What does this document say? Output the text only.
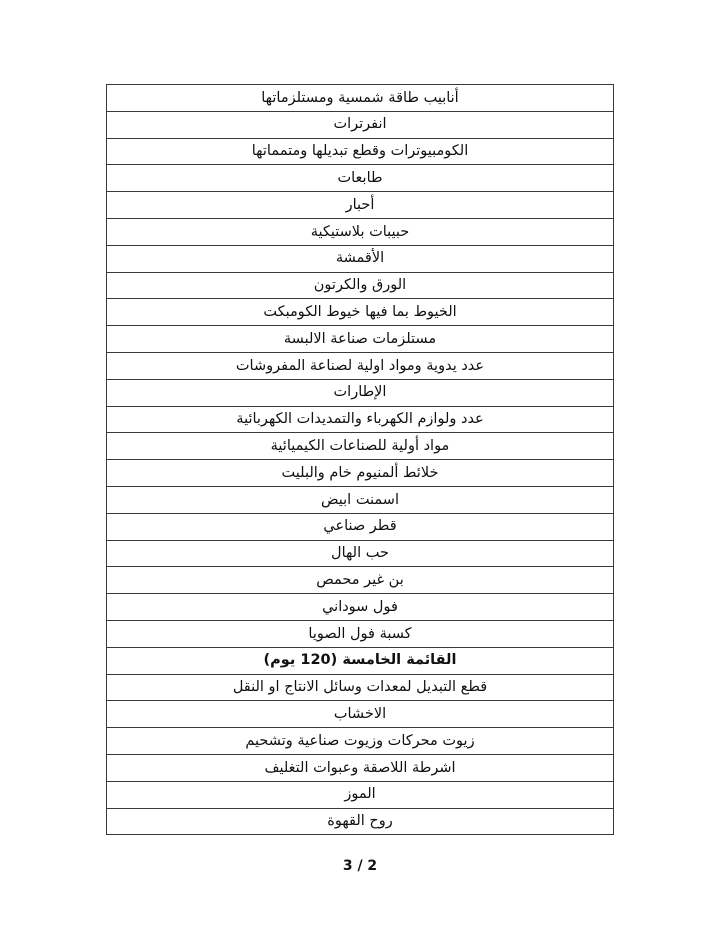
أنابيب طاقة شمسية ومستلزماتها
انفرترات
الكومبيوترات وقطع تبديلها ومتمماتها
طابعات
أحبار
حبيبات بلاستيكية
الأقمشة
الورق والكرتون
الخيوط بما فيها خيوط الكومبكت
مستلزمات صناعة الالبسة
عدد يدوية ومواد اولية لصناعة المفروشات
الإطارات
عدد ولوازم الكهرباء والتمديدات الكهربائية
مواد أولية للصناعات الكيميائية
خلائط ألمنيوم خام والبليت
اسمنت ابيض
قطر صناعي
حب الهال
بن غير محمص
فول سوداني
كسبة فول الصويا
القائمة الخامسة (120 يوم)
قطع التبديل لمعدات وسائل الانتاج او النقل
الاخشاب
زيوت محركات وزيوت صناعية وتشحيم
اشرطة اللاصقة وعبوات التغليف
الموز
روح القهوة
3 / 2
